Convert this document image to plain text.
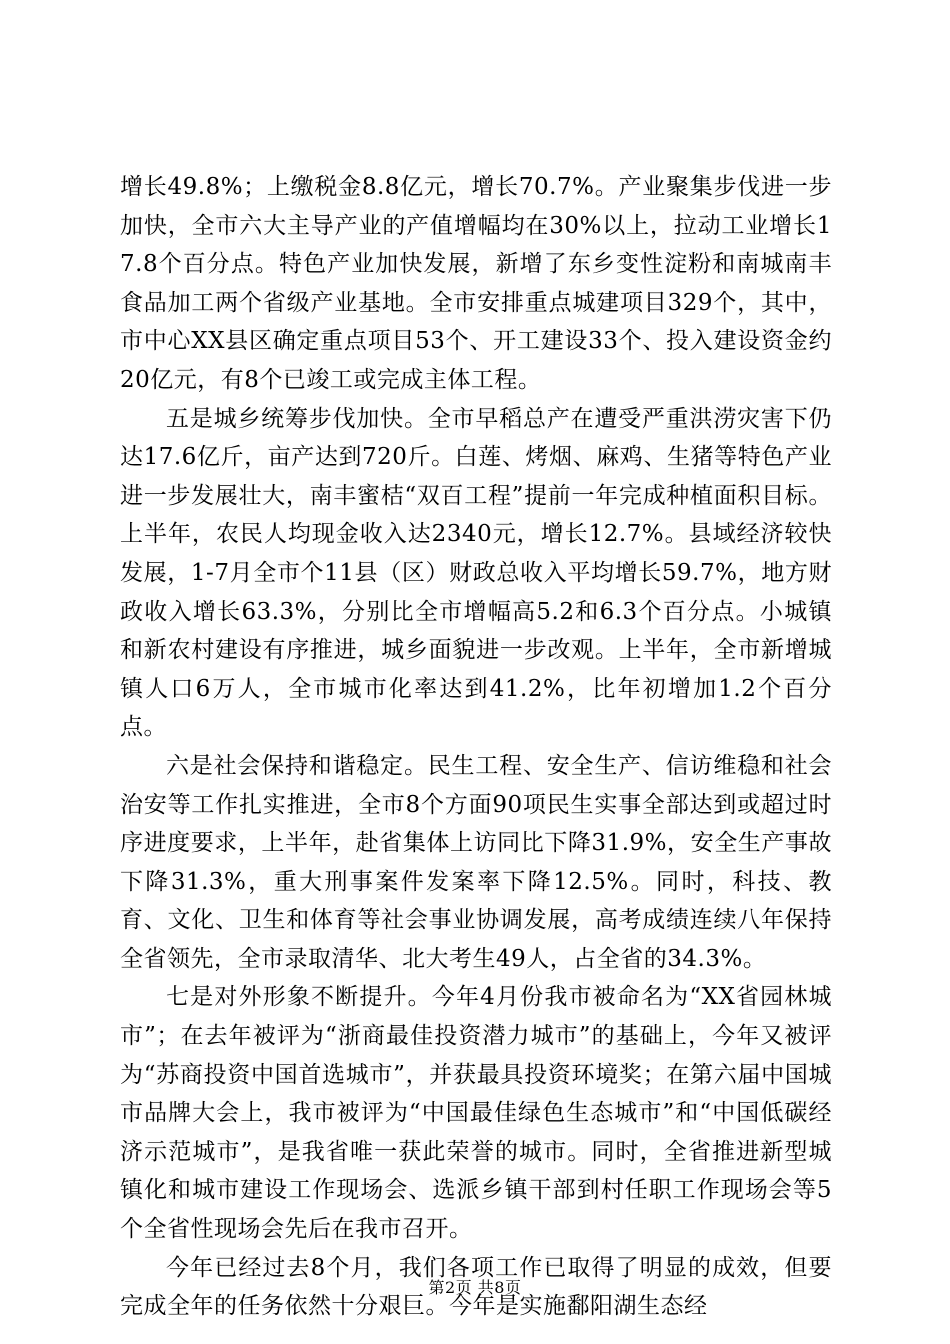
增长49.8%；上缴税金8.8亿元，增长70.7%。产业聚集步伐进一步加快，全市六大主导产业的产值增幅均在30%以上，拉动工业增长17.8个百分点。特色产业加快发展，新增了东乡变性淀粉和南城南丰食品加工两个省级产业基地。全市安排重点城建项目329个，其中，市中心XX县区确定重点项目53个、开工建设33个、投入建设资金约20亿元，有8个已竣工或完成主体工程。

五是城乡统筹步伐加快。全市早稻总产在遭受严重洪涝灾害下仍达17.6亿斤，亩产达到720斤。白莲、烤烟、麻鸡、生猪等特色产业进一步发展壮大，南丰蜜桔“双百工程”提前一年完成种植面积目标。上半年，农民人均现金收入达2340元，增长12.7%。县域经济较快发展，1-7月全市个11县（区）财政总收入平均增长59.7%，地方财政收入增长63.3%，分别比全市增幅高5.2和6.3个百分点。小城镇和新农村建设有序推进，城乡面貌进一步改观。上半年，全市新增城镇人口6万人，全市城市化率达到41.2%，比年初增加1.2个百分点。

六是社会保持和谐稳定。民生工程、安全生产、信访维稳和社会治安等工作扎实推进，全市8个方面90项民生实事全部达到或超过时序进度要求，上半年，赴省集体上访同比下降31.9%，安全生产事故下降31.3%，重大刑事案件发案率下降12.5%。同时，科技、教育、文化、卫生和体育等社会事业协调发展，高考成绩连续八年保持全省领先，全市录取清华、北大考生49人，占全省的34.3%。

七是对外形象不断提升。今年4月份我市被命名为“XX省园林城市”；在去年被评为“浙商最佳投资潜力城市”的基础上，今年又被评为“苏商投资中国首选城市”，并获最具投资环境奖；在第六届中国城市品牌大会上，我市被评为“中国最佳绿色生态城市”和“中国低碳经济示范城市”，是我省唯一获此荣誉的城市。同时，全省推进新型城镇化和城市建设工作现场会、选派乡镇干部到村任职工作现场会等5个全省性现场会先后在我市召开。

今年已经过去8个月，我们各项工作已取得了明显的成效，但要完成全年的任务依然十分艰巨。今年是实施鄱阳湖生态经

第2页 共8页
